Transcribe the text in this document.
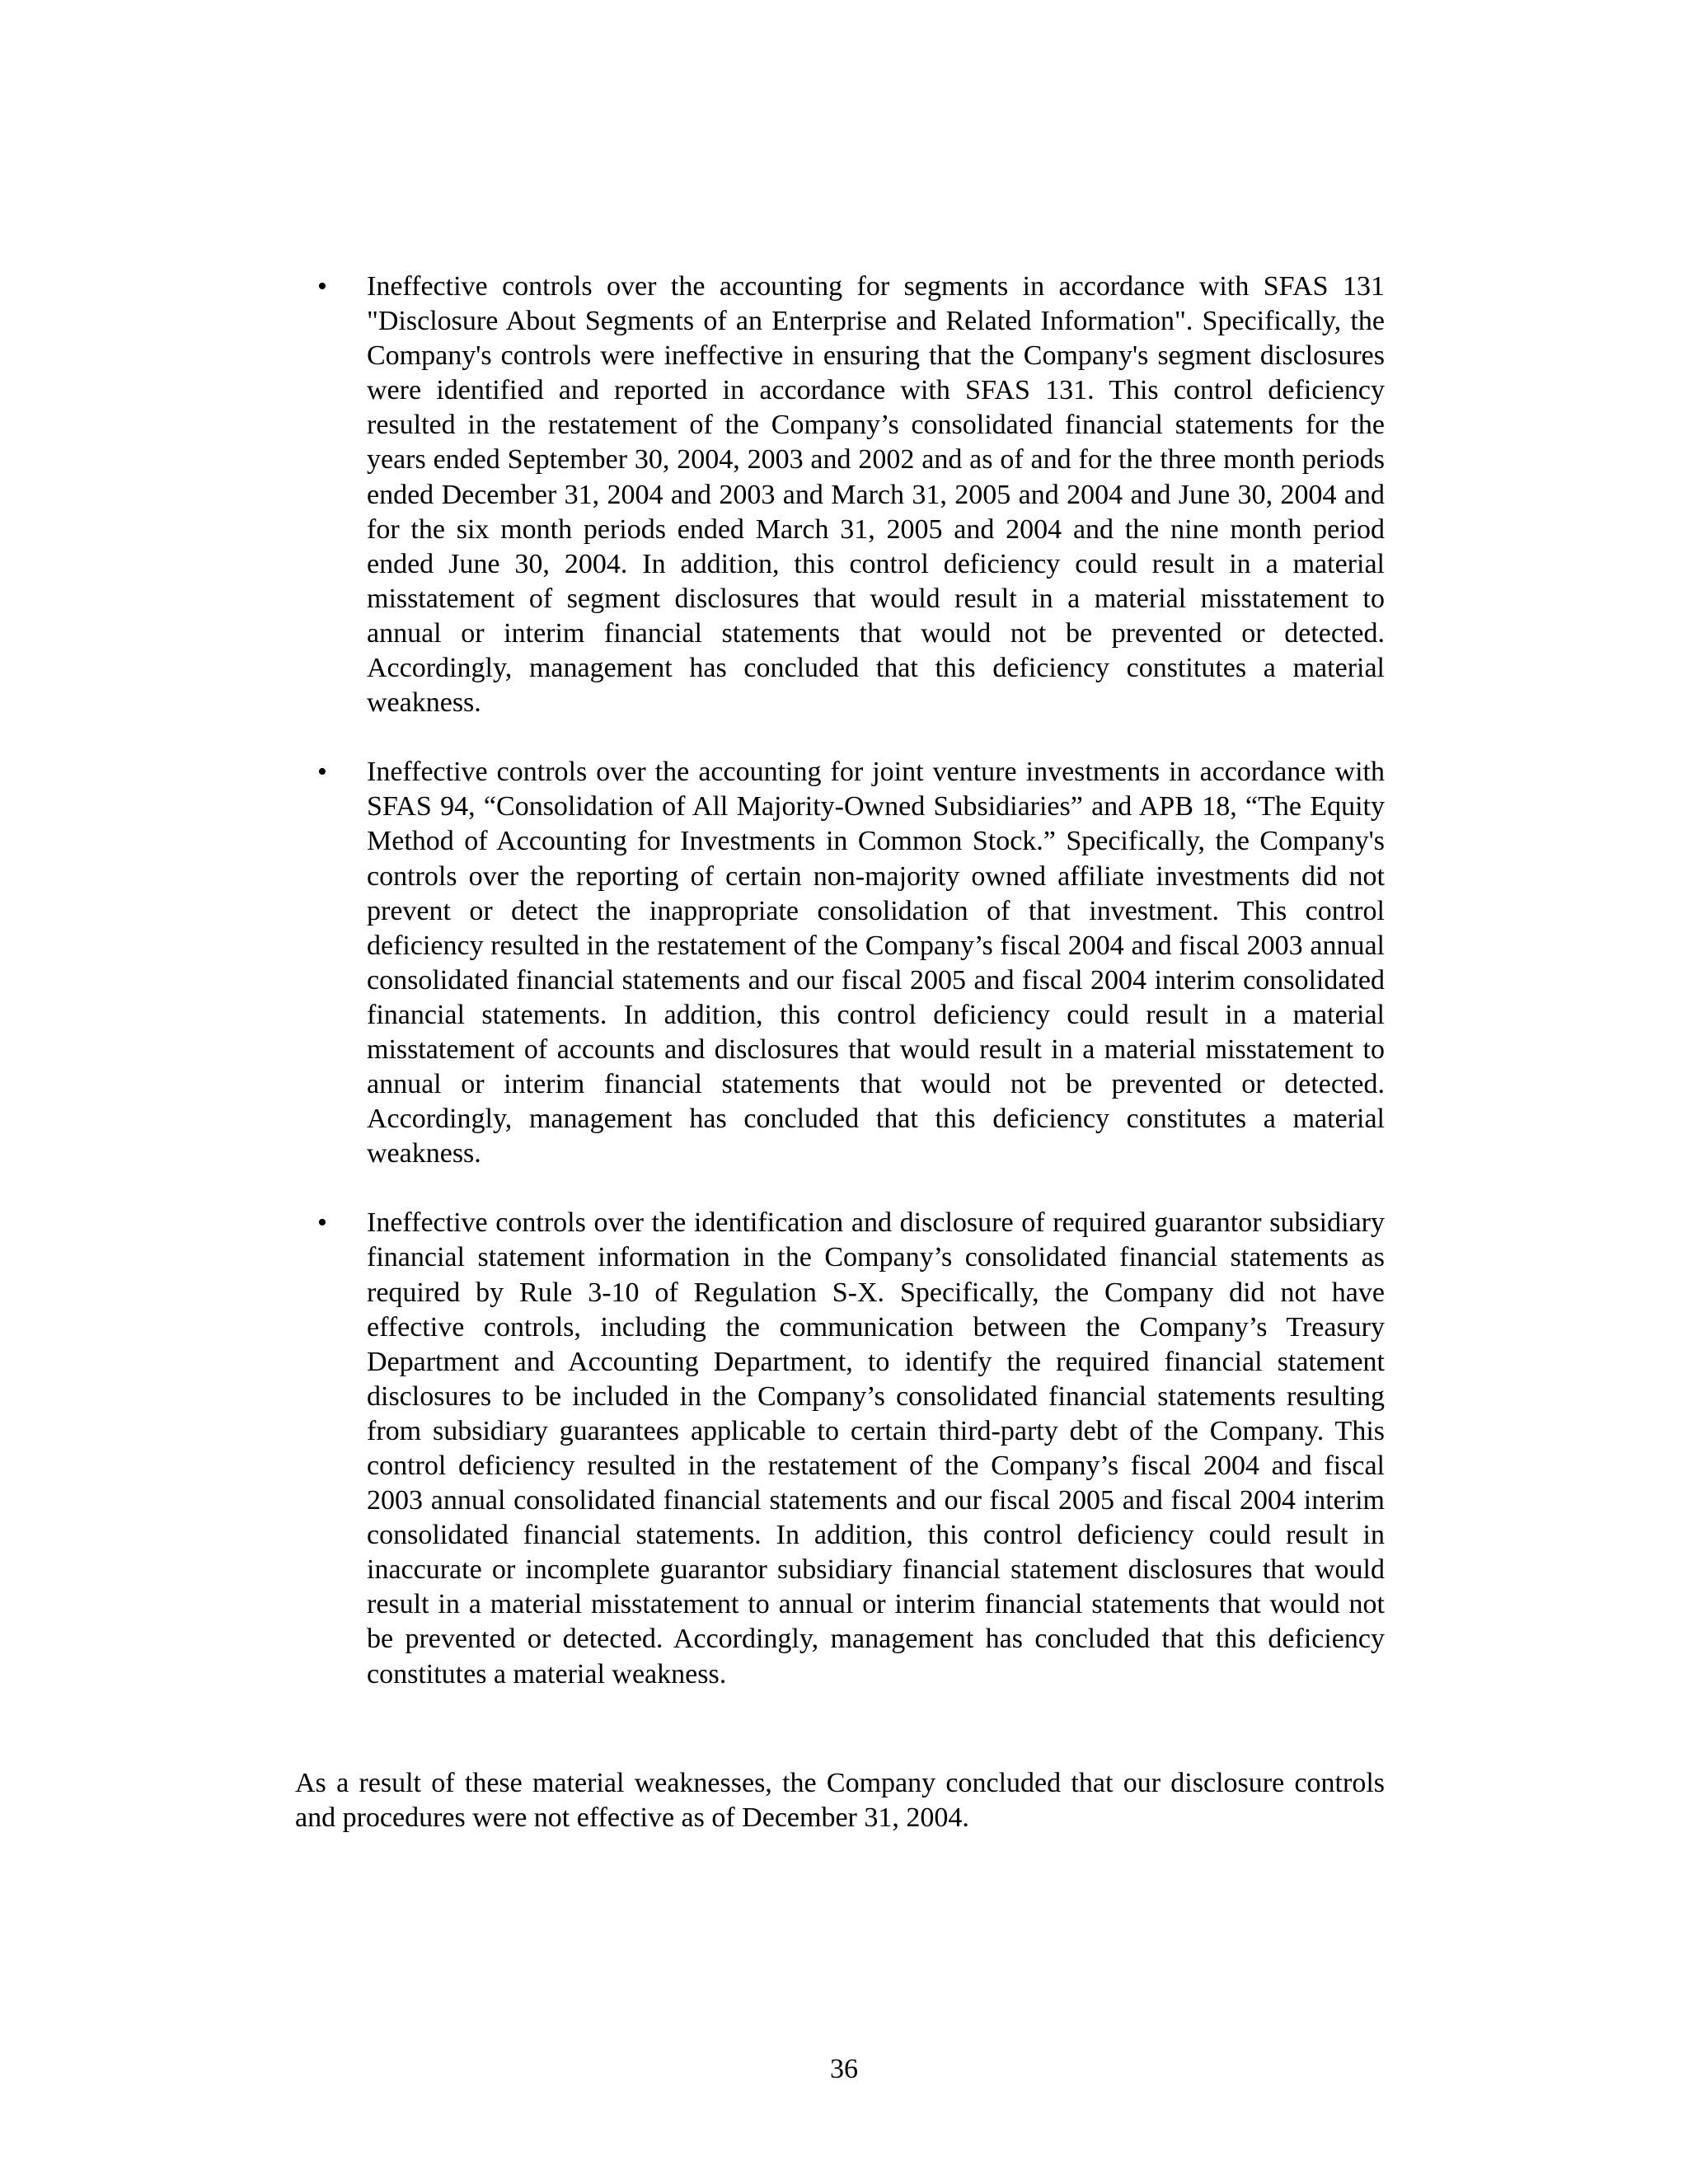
• Ineffective controls over the accounting for segments in accordance with SFAS 131 "Disclosure About Segments of an Enterprise and Related Information". Specifically, the Company's controls were ineffective in ensuring that the Company's segment disclosures were identified and reported in accordance with SFAS 131. This control deficiency resulted in the restatement of the Company’s consolidated financial statements for the years ended September 30, 2004, 2003 and 2002 and as of and for the three month periods ended December 31, 2004 and 2003 and March 31, 2005 and 2004 and June 30, 2004 and for the six month periods ended March 31, 2005 and 2004 and the nine month period ended June 30, 2004. In addition, this control deficiency could result in a material misstatement of segment disclosures that would result in a material misstatement to annual or interim financial statements that would not be prevented or detected. Accordingly, management has concluded that this deficiency constitutes a material weakness.

• Ineffective controls over the accounting for joint venture investments in accordance with SFAS 94, “Consolidation of All Majority-Owned Subsidiaries” and APB 18, “The Equity Method of Accounting for Investments in Common Stock.” Specifically, the Company's controls over the reporting of certain non-majority owned affiliate investments did not prevent or detect the inappropriate consolidation of that investment. This control deficiency resulted in the restatement of the Company’s fiscal 2004 and fiscal 2003 annual consolidated financial statements and our fiscal 2005 and fiscal 2004 interim consolidated financial statements. In addition, this control deficiency could result in a material misstatement of accounts and disclosures that would result in a material misstatement to annual or interim financial statements that would not be prevented or detected. Accordingly, management has concluded that this deficiency constitutes a material weakness.

• Ineffective controls over the identification and disclosure of required guarantor subsidiary financial statement information in the Company’s consolidated financial statements as required by Rule 3-10 of Regulation S-X. Specifically, the Company did not have effective controls, including the communication between the Company’s Treasury Department and Accounting Department, to identify the required financial statement disclosures to be included in the Company’s consolidated financial statements resulting from subsidiary guarantees applicable to certain third-party debt of the Company. This control deficiency resulted in the restatement of the Company’s fiscal 2004 and fiscal 2003 annual consolidated financial statements and our fiscal 2005 and fiscal 2004 interim consolidated financial statements. In addition, this control deficiency could result in inaccurate or incomplete guarantor subsidiary financial statement disclosures that would result in a material misstatement to annual or interim financial statements that would not be prevented or detected. Accordingly, management has concluded that this deficiency constitutes a material weakness.

As a result of these material weaknesses, the Company concluded that our disclosure controls and procedures were not effective as of December 31, 2004.

36
